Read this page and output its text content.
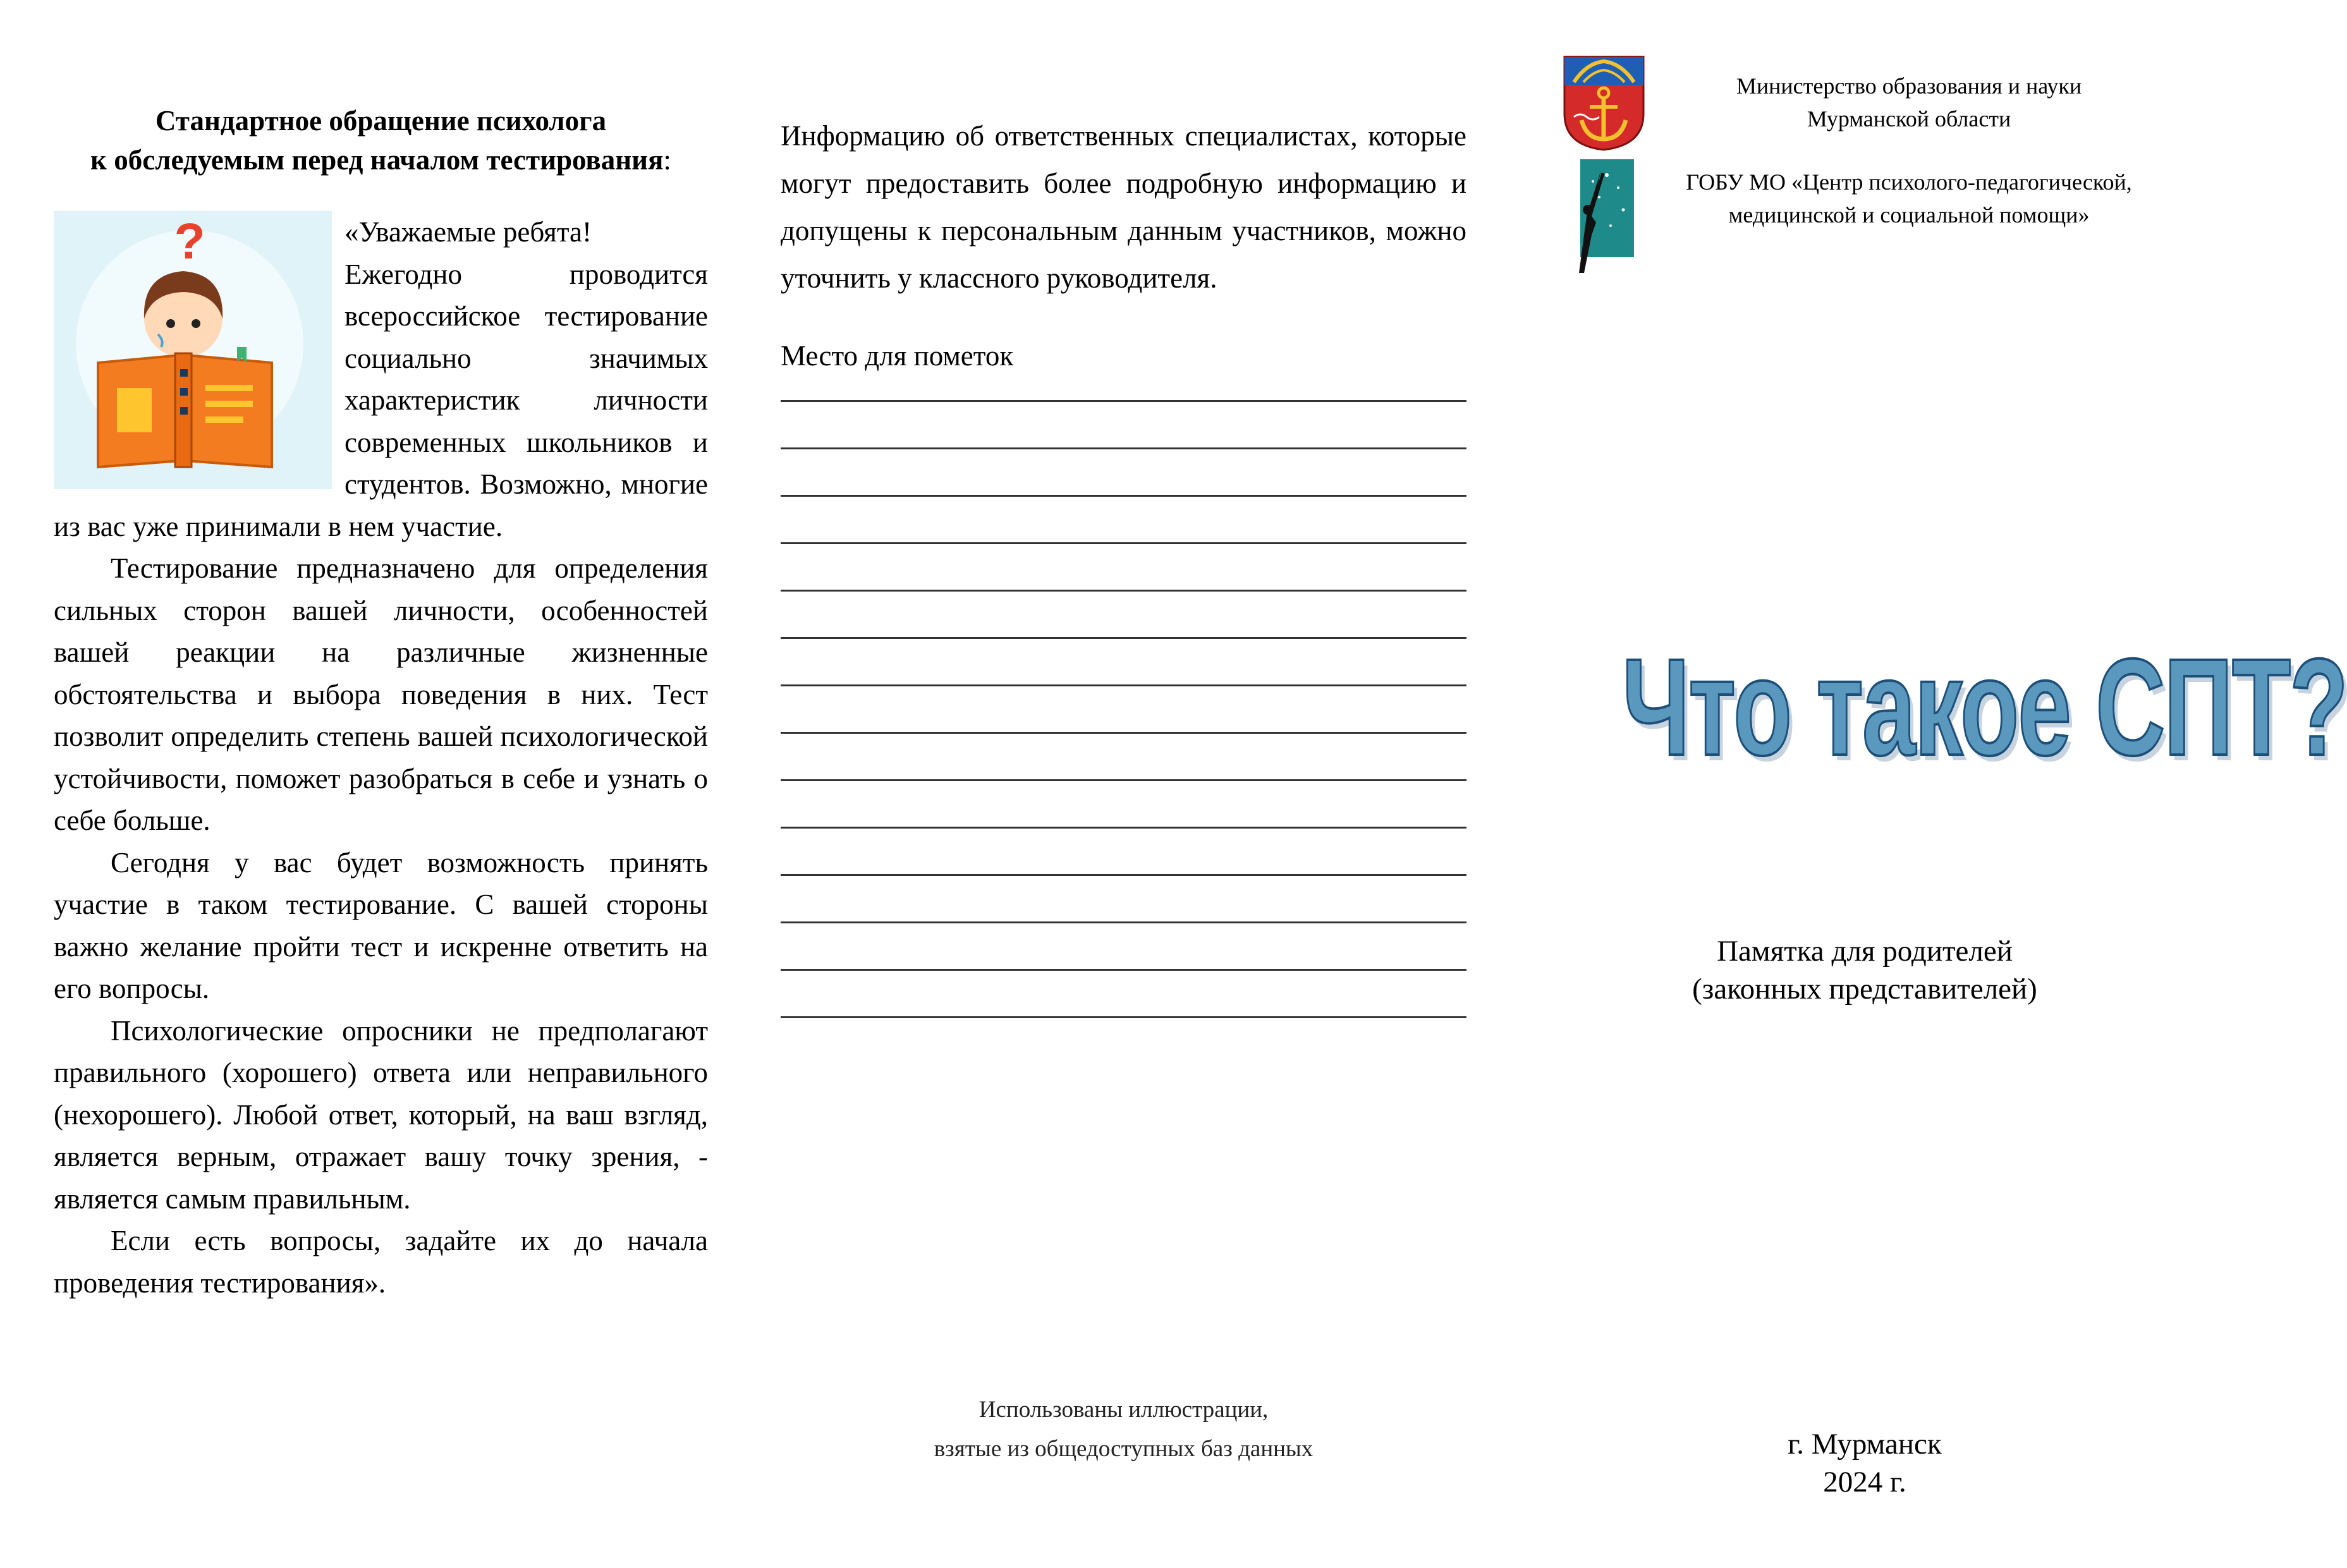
Стандартное обращение психолога
к обследуемым перед началом тестирования:
?	«Уважаемые ребята!

Ежегодно проводится всероссийское тестирование социально значимых характеристик личности современных школьников и студентов. Возможно, многие из вас уже принимали в нем участие.

Тестирование предназначено для определения сильных сторон вашей личности, особенностей вашей реакции на различные жизненные обстоятельства и выбора поведения в них. Тест позволит определить степень вашей психологической устойчивости, поможет разобраться в себе и узнать о себе больше.

Сегодня у вас будет возможность принять участие в таком тестирование. С вашей стороны важно желание пройти тест и искренне ответить на его вопросы.

Психологические опросники не предполагают правильного (хорошего) ответа или неправильного (нехорошего). Любой ответ, который, на ваш взгляд, является верным, отражает вашу точку зрения, - является самым правильным.

Если есть вопросы, задайте их до начала проведения тестирования».

Информацию об ответственных специалистах, которые могут предоставить более подробную информацию и допущены к персональным данным участников, можно уточнить у классного руководителя.

Место для пометок
Использованы иллюстрации,
взятые из общедоступных баз данных
Министерство образования и науки
Мурманской области
ГОБУ МО «Центр психолого-педагогической,
медицинской и социальной помощи»
Что такое СПТ?
Памятка для родителей
(законных представителей)
г. Мурманск
2024 г.
